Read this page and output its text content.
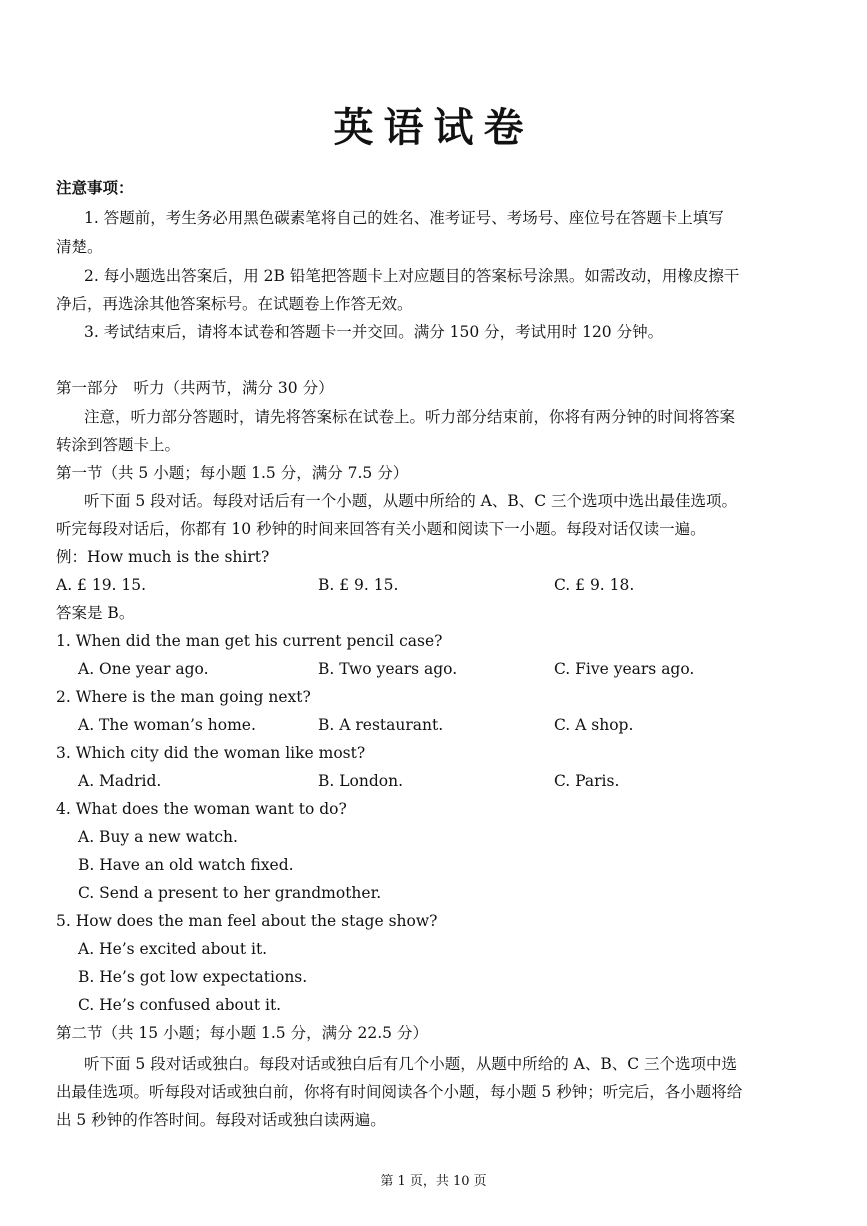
英语试卷
注意事项：
1. 答题前，考生务必用黑色碳素笔将自己的姓名、准考证号、考场号、座位号在答题卡上填写
清楚。
2. 每小题选出答案后，用 2B 铅笔把答题卡上对应题目的答案标号涂黑。如需改动，用橡皮擦干
净后，再选涂其他答案标号。在试题卷上作答无效。
3. 考试结束后，请将本试卷和答题卡一并交回。满分 150 分，考试用时 120 分钟。
第一部分　听力（共两节，满分 30 分）
注意，听力部分答题时，请先将答案标在试卷上。听力部分结束前，你将有两分钟的时间将答案
转涂到答题卡上。
第一节（共 5 小题；每小题 1.5 分，满分 7.5 分）
听下面 5 段对话。每段对话后有一个小题，从题中所给的 A、B、C 三个选项中选出最佳选项。
听完每段对话后，你都有 10 秒钟的时间来回答有关小题和阅读下一小题。每段对话仅读一遍。
例：How much is the shirt?
A. £ 19. 15.	B. £ 9. 15.	C. £ 9. 18.
答案是 B。
1. When did the man get his current pencil case?
A. One year ago.	B. Two years ago.	C. Five years ago.
2. Where is the man going next?
A. The woman’s home.	B. A restaurant.	C. A shop.
3. Which city did the woman like most?
A. Madrid.	B. London.	C. Paris.
4. What does the woman want to do?
A. Buy a new watch.
B. Have an old watch fixed.
C. Send a present to her grandmother.
5. How does the man feel about the stage show?
A. He’s excited about it.
B. He’s got low expectations.
C. He’s confused about it.
第二节（共 15 小题；每小题 1.5 分，满分 22.5 分）
听下面 5 段对话或独白。每段对话或独白后有几个小题，从题中所给的 A、B、C 三个选项中选
出最佳选项。听每段对话或独白前，你将有时间阅读各个小题，每小题 5 秒钟；听完后，各小题将给
出 5 秒钟的作答时间。每段对话或独白读两遍。
第 1 页，共 10 页
